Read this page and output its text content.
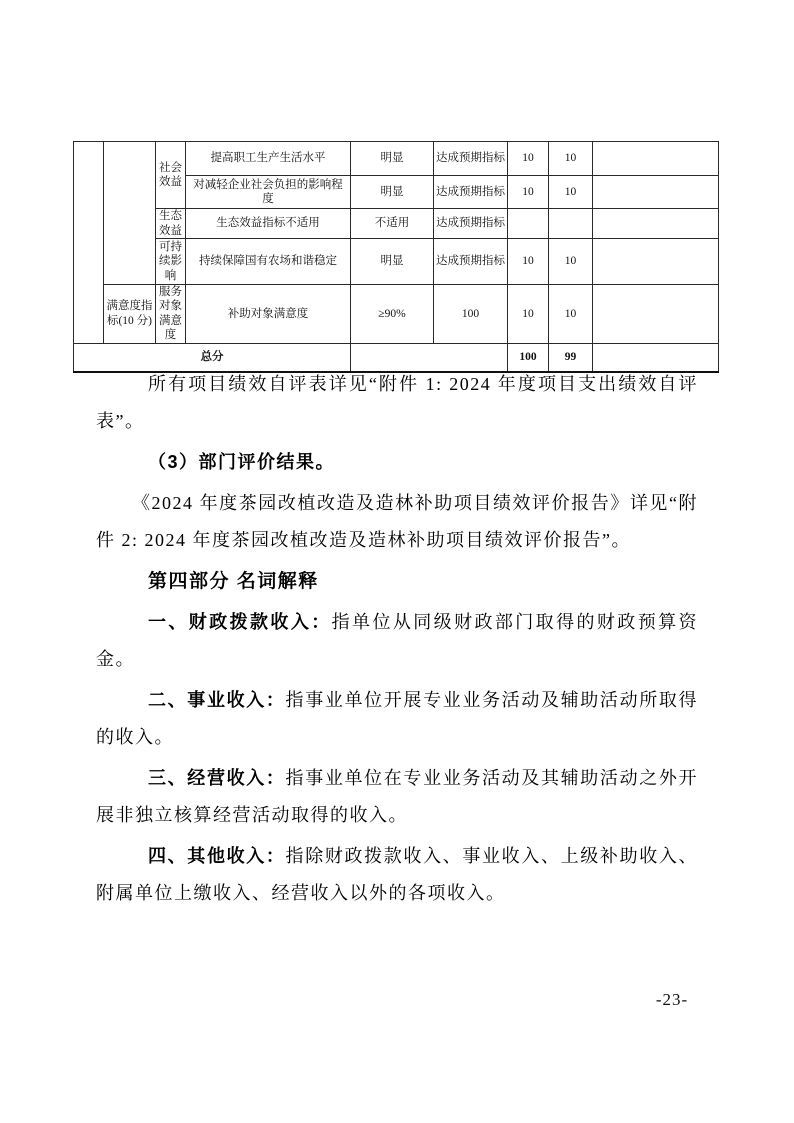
		社会效益	提高职工生产生活水平	明显	达成预期指标	10	10	
			对减轻企业社会负担的影响程度	明显	达成预期指标	10	10	
		生态效益	生态效益指标不适用	不适用	达成预期指标			
		可持续影响	持续保障国有农场和谐稳定	明显	达成预期指标	10	10	
	满意度指标(10 分)	服务对象满意度	补助对象满意度	≥90%	100	10	10	
总分						100	99	

所有项目绩效自评表详见“附件 1: 2024 年度项目支出绩效自评表”。

（3）部门评价结果。

《2024 年度茶园改植改造及造林补助项目绩效评价报告》详见“附件 2: 2024 年度茶园改植改造及造林补助项目绩效评价报告”。

第四部分 名词解释

一、财政拨款收入：指单位从同级财政部门取得的财政预算资金。

二、事业收入：指事业单位开展专业业务活动及辅助活动所取得的收入。

三、经营收入：指事业单位在专业业务活动及其辅助活动之外开展非独立核算经营活动取得的收入。

四、其他收入：指除财政拨款收入、事业收入、上级补助收入、附属单位上缴收入、经营收入以外的各项收入。

-23-
